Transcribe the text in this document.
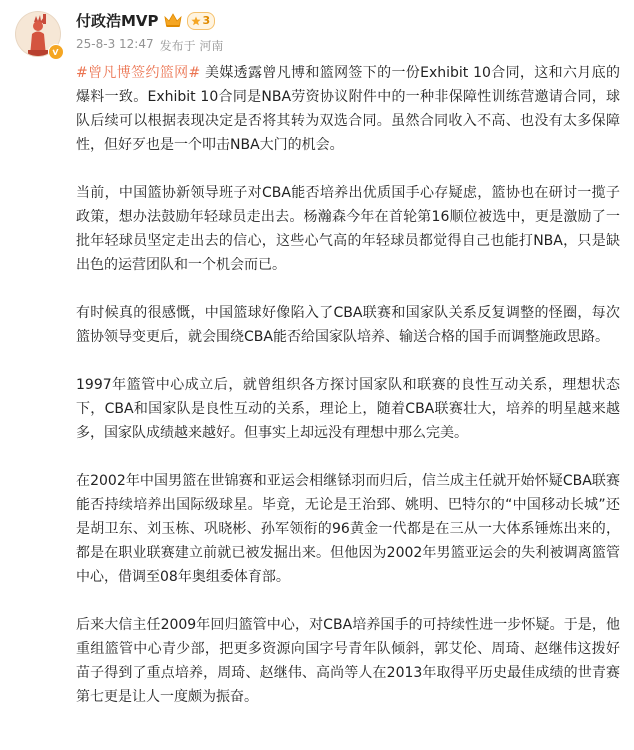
付政浩MVP	3
25-8-3 12:47 发布于 河南

#曾凡博签约篮网# 美媒透露曾凡博和篮网签下的一份Exhibit 10合同，这和六月底的爆料一致。Exhibit 10合同是NBA劳资协议附件中的一种非保障性训练营邀请合同，球队后续可以根据表现决定是否将其转为双选合同。虽然合同收入不高、也没有太多保障性，但好歹也是一个叩击NBA大门的机会。

当前，中国篮协新领导班子对CBA能否培养出优质国手心存疑虑，篮协也在研讨一揽子政策，想办法鼓励年轻球员走出去。杨瀚森今年在首轮第16顺位被选中，更是激励了一批年轻球员坚定走出去的信心，这些心气高的年轻球员都觉得自己也能打NBA，只是缺出色的运营团队和一个机会而已。

有时候真的很感慨，中国篮球好像陷入了CBA联赛和国家队关系反复调整的怪圈，每次篮协领导变更后，就会围绕CBA能否给国家队培养、输送合格的国手而调整施政思路。

1997年篮管中心成立后，就曾组织各方探讨国家队和联赛的良性互动关系，理想状态下，CBA和国家队是良性互动的关系，理论上，随着CBA联赛壮大，培养的明星越来越多，国家队成绩越来越好。但事实上却远没有理想中那么完美。

在2002年中国男篮在世锦赛和亚运会相继铩羽而归后，信兰成主任就开始怀疑CBA联赛能否持续培养出国际级球星。毕竟，无论是王治郅、姚明、巴特尔的“中国移动长城”还是胡卫东、刘玉栋、巩晓彬、孙军领衔的96黄金一代都是在三从一大体系锤炼出来的，都是在职业联赛建立前就已被发掘出来。但他因为2002年男篮亚运会的失利被调离篮管中心，借调至08年奥组委体育部。

后来大信主任2009年回归篮管中心，对CBA培养国手的可持续性进一步怀疑。于是，他重组篮管中心青少部，把更多资源向国字号青年队倾斜，郭艾伦、周琦、赵继伟这拨好苗子得到了重点培养，周琦、赵继伟、高尚等人在2013年取得平历史最佳成绩的世青赛第七更是让人一度颇为振奋。
